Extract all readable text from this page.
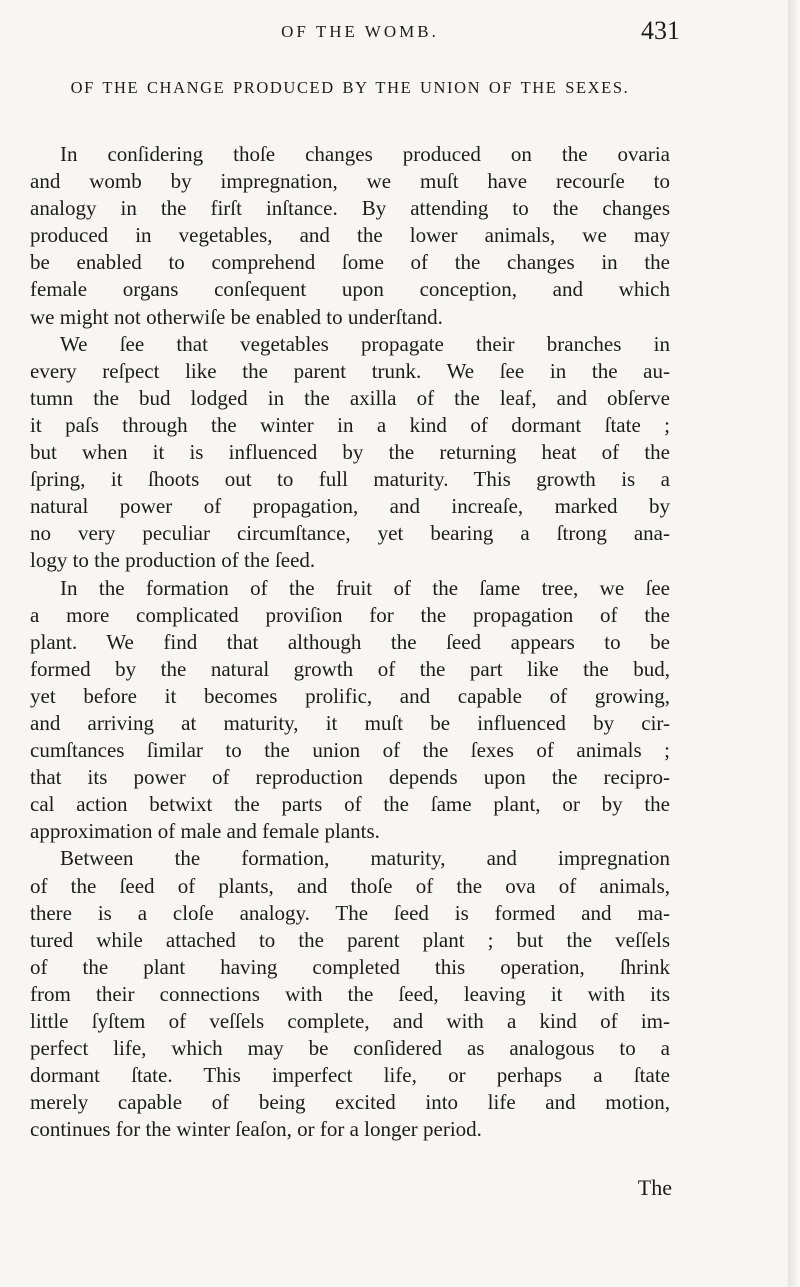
OF THE WOMB.	431
OF THE CHANGE PRODUCED BY THE UNION OF THE SEXES.
In conſidering thoſe changes produced on the ovaria
and womb by impregnation, we muſt have recourſe to
analogy in the firſt inſtance. By attending to the changes
produced in vegetables, and the lower animals, we may
be enabled to comprehend ſome of the changes in the
female organs conſequent upon conception, and which
we might not otherwiſe be enabled to underſtand.
We ſee that vegetables propagate their branches in
every reſpect like the parent trunk. We ſee in the au-
tumn the bud lodged in the axilla of the leaf, and obſerve
it paſs through the winter in a kind of dormant ſtate ;
but when it is influenced by the returning heat of the
ſpring, it ſhoots out to full maturity. This growth is a
natural power of propagation, and increaſe, marked by
no very peculiar circumſtance, yet bearing a ſtrong ana-
logy to the production of the ſeed.
In the formation of the fruit of the ſame tree, we ſee
a more complicated proviſion for the propagation of the
plant. We find that although the ſeed appears to be
formed by the natural growth of the part like the bud,
yet before it becomes prolific, and capable of growing,
and arriving at maturity, it muſt be influenced by cir-
cumſtances ſimilar to the union of the ſexes of animals ;
that its power of reproduction depends upon the recipro-
cal action betwixt the parts of the ſame plant, or by the
approximation of male and female plants.
Between the formation, maturity, and impregnation
of the ſeed of plants, and thoſe of the ova of animals,
there is a cloſe analogy. The ſeed is formed and ma-
tured while attached to the parent plant ; but the veſſels
of the plant having completed this operation, ſhrink
from their connections with the ſeed, leaving it with its
little ſyſtem of veſſels complete, and with a kind of im-
perfect life, which may be conſidered as analogous to a
dormant ſtate. This imperfect life, or perhaps a ſtate
merely capable of being excited into life and motion,
continues for the winter ſeaſon, or for a longer period.
The
